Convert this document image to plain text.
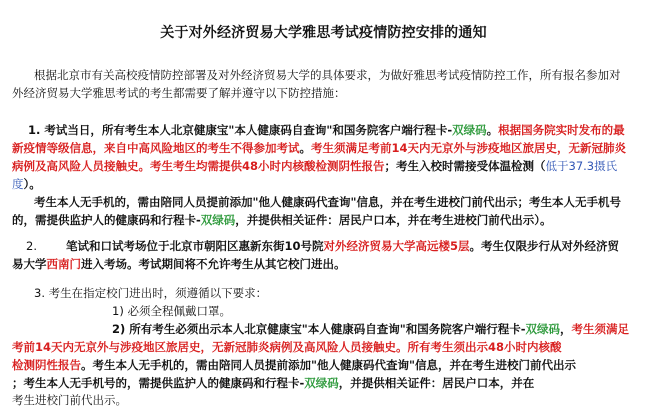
关于对外经济贸易大学雅思考试疫情防控安排的通知
根据北京市有关高校疫情防控部署及对外经济贸易大学的具体要求，为做好雅思考试疫情防控工作，所有报名参加对
外经济贸易大学雅思考试的考生都需要了解并遵守以下防控措施：
1. 考试当日，所有考生本人北京健康宝"本人健康码自查询"和国务院客户端行程卡-双绿码。根据国务院实时发布的最
新疫情等级信息，来自中高风险地区的考生不得参加考试。考生须满足考前14天内无京外与涉疫地区旅居史，无新冠肺炎
病例及高风险人员接触史。考生考生均需提供48小时内核酸检测阴性报告；考生入校时需接受体温检测（低于37.3摄氏
度）。
考生本人无手机的，需由陪同人员提前添加"他人健康码代查询"信息，并在考生进校门前代出示；考生本人无手机号
的，需提供监护人的健康码和行程卡-双绿码，并提供相关证件：居民户口本，并在考生进校门前代出示）。
2.	笔试和口试考场位于北京市朝阳区惠新东街10号院对外经济贸易大学高远楼5层。考生仅限步行从对外经济贸
易大学西南门进入考场。考试期间将不允许考生从其它校门进出。
3. 考生在指定校门进出时，须遵循以下要求：
1) 必须全程佩戴口罩。
2) 所有考生必须出示本人北京健康宝"本人健康码自查询"和国务院客户端行程卡-双绿码，考生须满足
考前14天内无京外与涉疫地区旅居史，无新冠肺炎病例及高风险人员接触史。所有考生须出示48小时内核酸
检测阴性报告。考生本人无手机的，需由陪同人员提前添加"他人健康码代查询"信息，并在考生进校门前代出示
；考生本人无手机号的，需提供监护人的健康码和行程卡-双绿码，并提供相关证件：居民户口本，并在
考生进校门前代出示。
